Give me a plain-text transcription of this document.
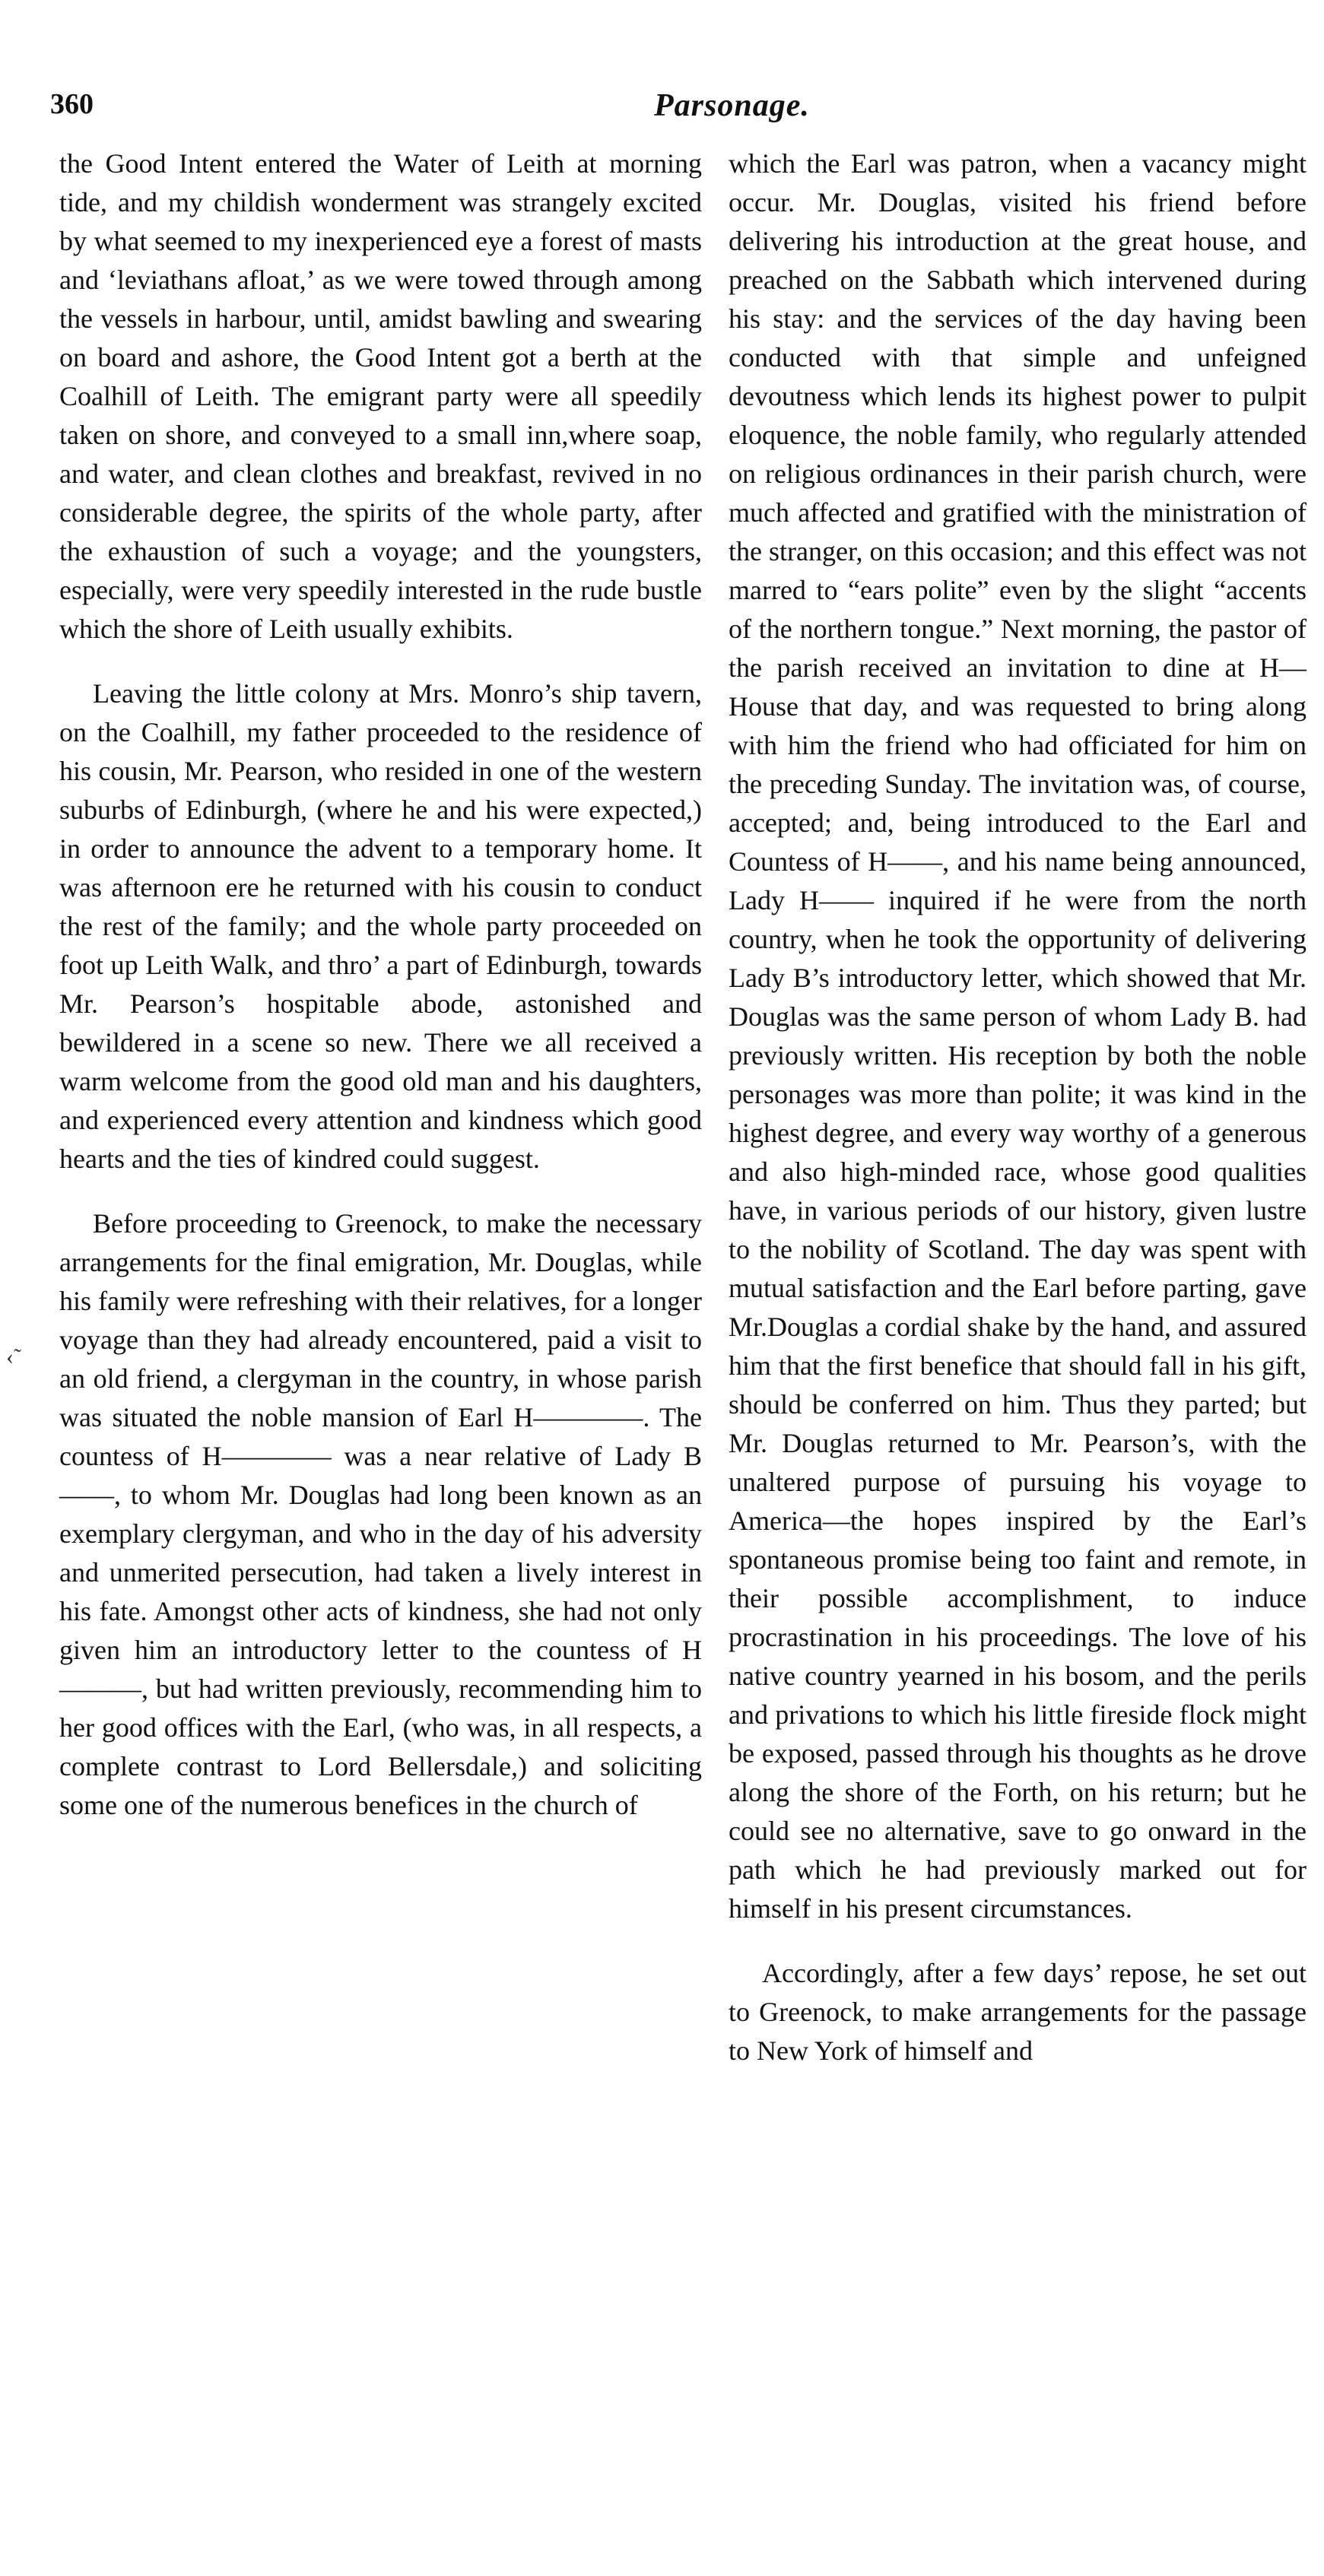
360	Parsonage.
‹˜

the Good Intent entered the Water of Leith at morning tide, and my childish wonderment was strangely excited by what seemed to my inexperienced eye a forest of masts and ‘leviathans afloat,’ as we were towed through among the vessels in harbour, until, amidst bawling and swearing on board and ashore, the Good Intent got a berth at the Coalhill of Leith. The emigrant party were all speedily taken on shore, and conveyed to a small inn,where soap, and water, and clean clothes and breakfast, revived in no considerable degree, the spirits of the whole party, after the exhaustion of such a voyage; and the youngsters, especially, were very speedily interested in the rude bustle which the shore of Leith usually exhibits.

Leaving the little colony at Mrs. Monro’s ship tavern, on the Coalhill, my father proceeded to the residence of his cousin, Mr. Pearson, who resided in one of the western suburbs of Edinburgh, (where he and his were expected,) in order to announce the advent to a temporary home. It was afternoon ere he returned with his cousin to conduct the rest of the family; and the whole party proceeded on foot up Leith Walk, and thro’ a part of Edinburgh, towards Mr. Pearson’s hospitable abode, astonished and bewildered in a scene so new. There we all received a warm welcome from the good old man and his daughters, and experienced every attention and kindness which good hearts and the ties of kindred could suggest.

Before proceeding to Greenock, to make the necessary arrangements for the final emigration, Mr. Douglas, while his family were refreshing with their relatives, for a longer voyage than they had already encountered, paid a visit to an old friend, a clergyman in the country, in whose parish was situated the noble mansion of Earl H————. The countess of H———— was a near relative of Lady B——, to whom Mr. Douglas had long been known as an exemplary clergyman, and who in the day of his adversity and unmerited persecution, had taken a lively interest in his fate. Amongst other acts of kindness, she had not only given him an introductory letter to the countess of H———, but had written previously, recommending him to her good offices with the Earl, (who was, in all respects, a complete contrast to Lord Bellersdale,) and soliciting some one of the numerous benefices in the church of

which the Earl was patron, when a vacancy might occur. Mr. Douglas, visited his friend before delivering his introduction at the great house, and preached on the Sabbath which intervened during his stay: and the services of the day having been conducted with that simple and unfeigned devoutness which lends its highest power to pulpit eloquence, the noble family, who regularly attended on religious ordinances in their parish church, were much affected and gratified with the ministration of the stranger, on this occasion; and this effect was not marred to “ears polite” even by the slight “accents of the northern tongue.” Next morning, the pastor of the parish received an invitation to dine at H— House that day, and was requested to bring along with him the friend who had officiated for him on the preceding Sunday. The invitation was, of course, accepted; and, being introduced to the Earl and Countess of H——, and his name being announced, Lady H—— inquired if he were from the north country, when he took the opportunity of delivering Lady B’s introductory letter, which showed that Mr. Douglas was the same person of whom Lady B. had previously written. His reception by both the noble personages was more than polite; it was kind in the highest degree, and every way worthy of a generous and also high-minded race, whose good qualities have, in various periods of our history, given lustre to the nobility of Scotland. The day was spent with mutual satisfaction and the Earl before parting, gave Mr.Douglas a cordial shake by the hand, and assured him that the first benefice that should fall in his gift, should be conferred on him. Thus they parted; but Mr. Douglas returned to Mr. Pearson’s, with the unaltered purpose of pursuing his voyage to America—the hopes inspired by the Earl’s spontaneous promise being too faint and remote, in their possible accomplishment, to induce procrastination in his proceedings. The love of his native country yearned in his bosom, and the perils and privations to which his little fireside flock might be exposed, passed through his thoughts as he drove along the shore of the Forth, on his return; but he could see no alternative, save to go onward in the path which he had previously marked out for himself in his present circumstances.

Accordingly, after a few days’ repose, he set out to Greenock, to make arrangements for the passage to New York of himself and
